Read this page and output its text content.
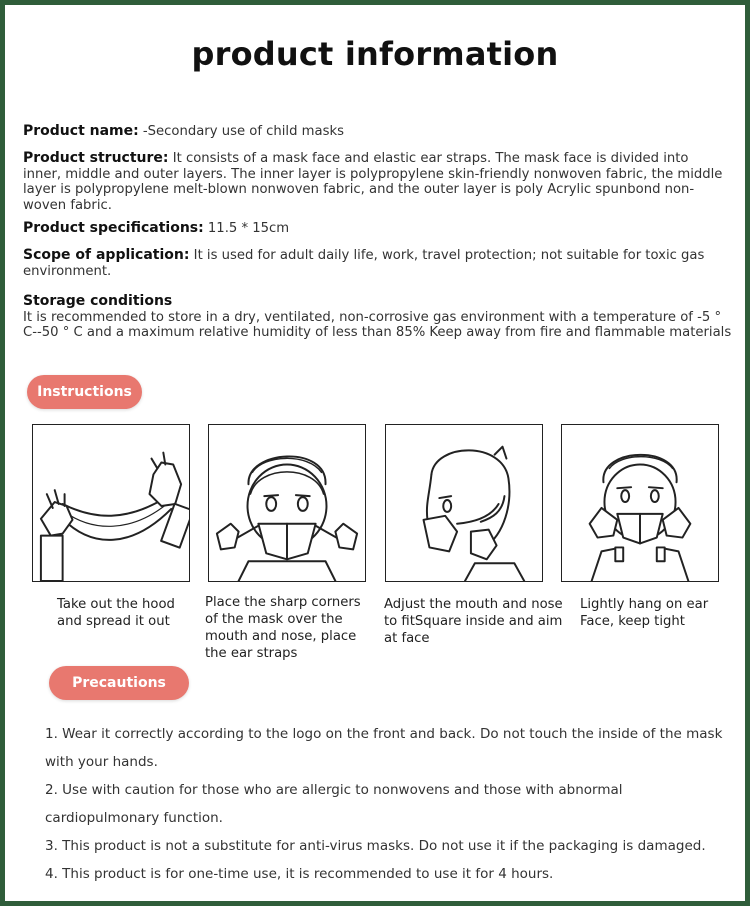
product information
Product name: -Secondary use of child masks
Product structure: It consists of a mask face and elastic ear straps. The mask face is divided into inner, middle and outer layers. The inner layer is polypropylene skin-friendly nonwoven fabric, the middle layer is polypropylene melt-blown nonwoven fabric, and the outer layer is poly Acrylic spunbond non-woven fabric.
Product specifications: 11.5 * 15cm
Scope of application: It is used for adult daily life, work, travel protection; not suitable for toxic gas environment.
Storage conditions
It is recommended to store in a dry, ventilated, non-corrosive gas environment with a temperature of -5 ° C--50 ° C and a maximum relative humidity of less than 85% Keep away from fire and flammable materials
Instructions
Take out the hood and spread it out
Place the sharp corners of the mask over the mouth and nose, place the ear straps
Adjust the mouth and nose to fitSquare inside and aim at face
Lightly hang on ear Face, keep tight
Precautions
1. Wear it correctly according to the logo on the front and back. Do not touch the inside of the mask with your hands.
2. Use with caution for those who are allergic to nonwovens and those with abnormal cardiopulmonary function.
3. This product is not a substitute for anti-virus masks. Do not use it if the packaging is damaged.
4. This product is for one-time use, it is recommended to use it for 4 hours.
